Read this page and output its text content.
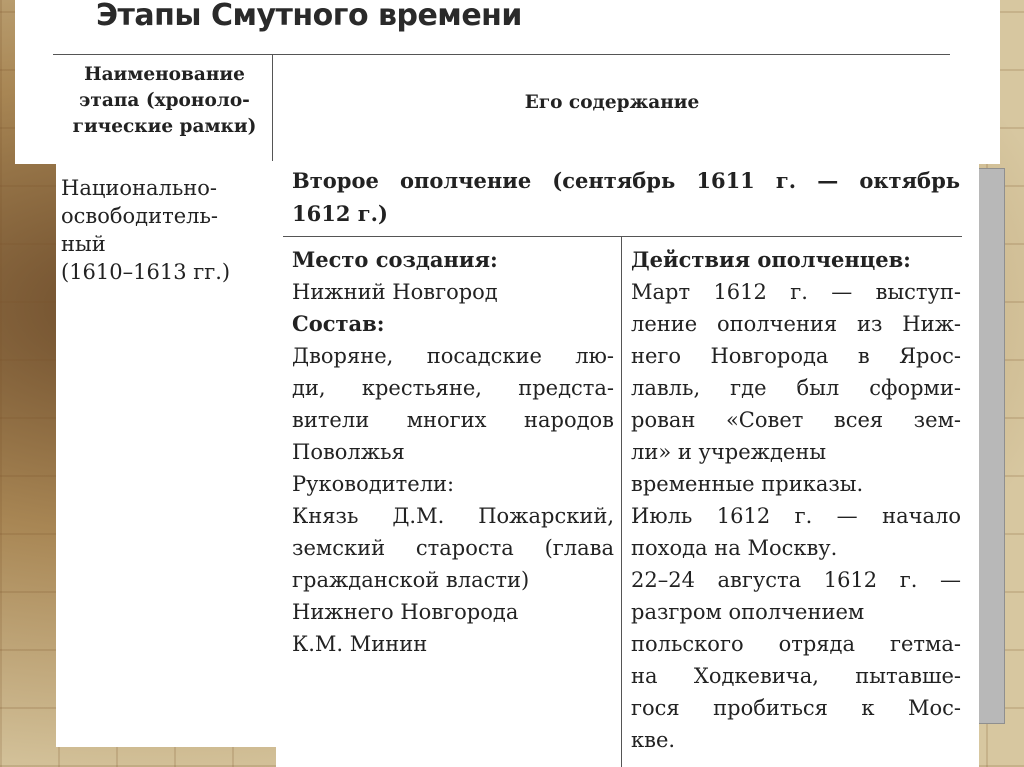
Этапы Смутного времени
Наименование
этапа (хроноло-
гические рамки)
Его содержание
Национально-
освободитель-
ный
(1610–1613 гг.)
Второе ополчение (сентябрь 1611 г. — октябрь
1612 г.)
Место создания:
Нижний Новгород
Состав:
Дворяне, посадские лю-
ди, крестьяне, предста-
вители многих народов
Поволжья
Руководители:
Князь Д.М. Пожарский,
земский староста (глава
гражданской власти)
Нижнего Новгорода
К.М. Минин
Действия ополченцев:
Март 1612 г. — выступ-
ление ополчения из Ниж-
него Новгорода в Ярос-
лавль, где был сформи-
рован «Совет всея зем-
ли» и учреждены
временные приказы.
Июль 1612 г. — начало
похода на Москву.
22–24 августа 1612 г. —
разгром ополчением
польского отряда гетма-
на Ходкевича, пытавше-
гося пробиться к Мос-
кве.
